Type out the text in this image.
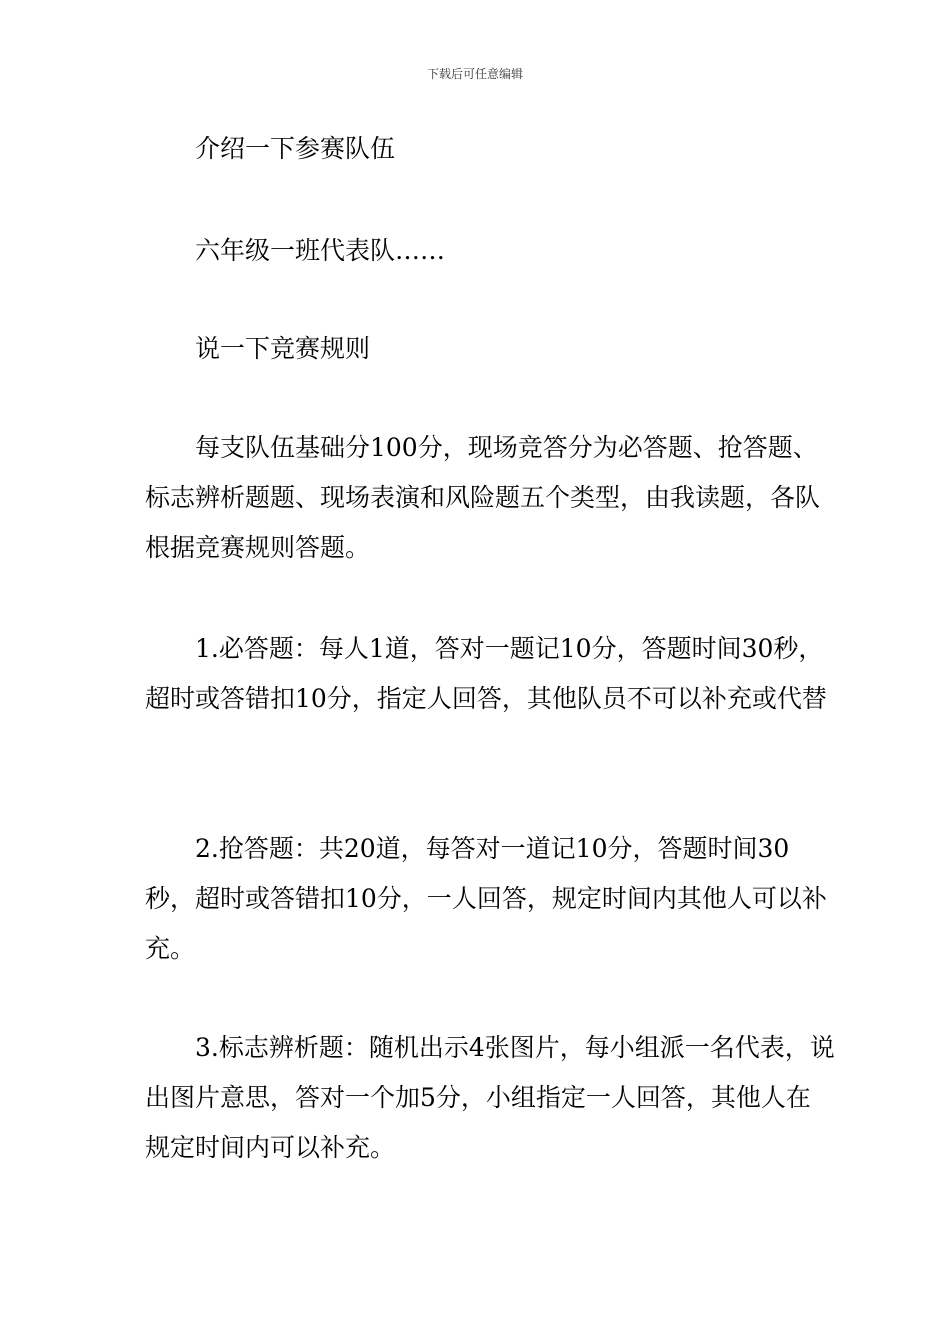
下载后可任意编辑

介绍一下参赛队伍

六年级一班代表队……

说一下竞赛规则

每支队伍基础分100分，现场竞答分为必答题、抢答题、标志辨析题题、现场表演和风险题五个类型，由我读题，各队根据竞赛规则答题。

1.必答题：每人1道，答对一题记10分，答题时间30秒，超时或答错扣10分，指定人回答，其他队员不可以补充或代替

2.抢答题：共20道，每答对一道记10分，答题时间30秒，超时或答错扣10分，一人回答，规定时间内其他人可以补充。

3.标志辨析题：随机出示4张图片，每小组派一名代表，说出图片意思，答对一个加5分，小组指定一人回答，其他人在规定时间内可以补充。
